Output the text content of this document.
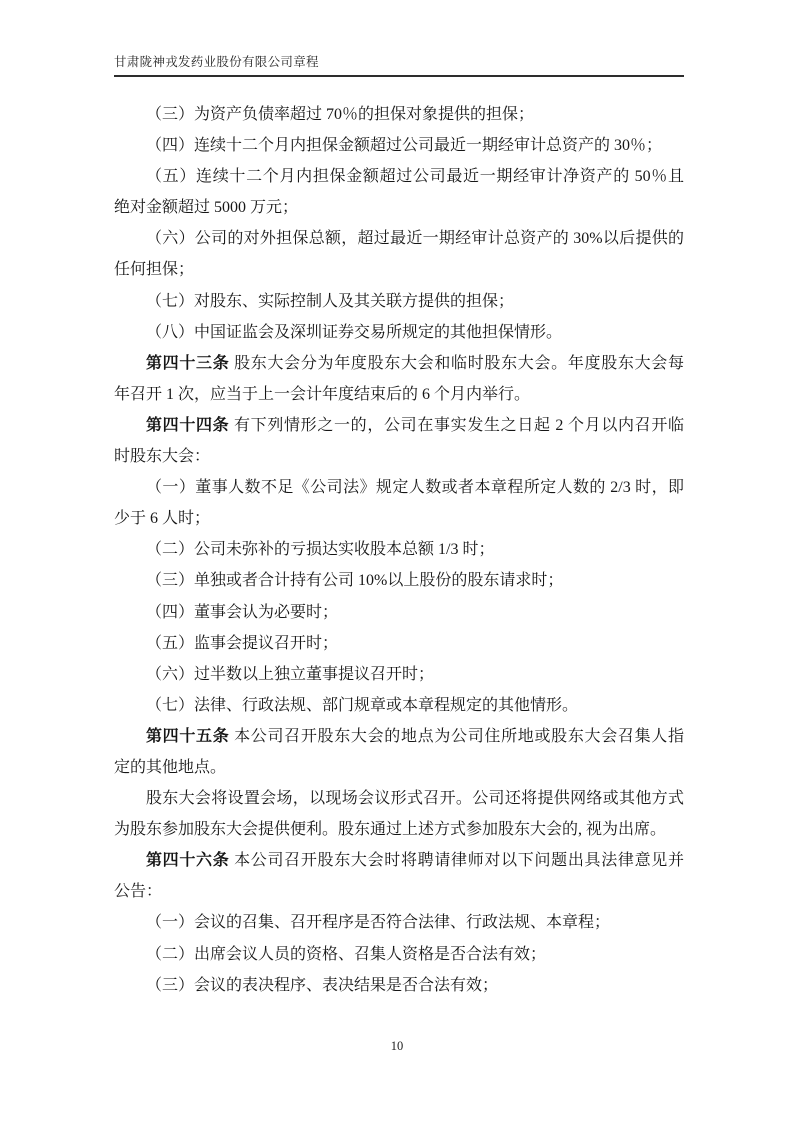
甘肃陇神戎发药业股份有限公司章程
（三）为资产负债率超过 70％的担保对象提供的担保；
（四）连续十二个月内担保金额超过公司最近一期经审计总资产的 30％；
（五）连续十二个月内担保金额超过公司最近一期经审计净资产的 50％且
绝对金额超过 5000 万元；
（六）公司的对外担保总额，超过最近一期经审计总资产的 30%以后提供的
任何担保；
（七）对股东、实际控制人及其关联方提供的担保；
（八）中国证监会及深圳证券交易所规定的其他担保情形。
第四十三条 股东大会分为年度股东大会和临时股东大会。年度股东大会每
年召开 1 次，应当于上一会计年度结束后的 6 个月内举行。
第四十四条 有下列情形之一的，公司在事实发生之日起 2 个月以内召开临
时股东大会：
（一）董事人数不足《公司法》规定人数或者本章程所定人数的 2/3 时，即
少于 6 人时；
（二）公司未弥补的亏损达实收股本总额 1/3 时；
（三）单独或者合计持有公司 10%以上股份的股东请求时；
（四）董事会认为必要时；
（五）监事会提议召开时；
（六）过半数以上独立董事提议召开时；
（七）法律、行政法规、部门规章或本章程规定的其他情形。
第四十五条 本公司召开股东大会的地点为公司住所地或股东大会召集人指
定的其他地点。
股东大会将设置会场，以现场会议形式召开。公司还将提供网络或其他方式
为股东参加股东大会提供便利。股东通过上述方式参加股东大会的, 视为出席。
第四十六条 本公司召开股东大会时将聘请律师对以下问题出具法律意见并
公告：
（一）会议的召集、召开程序是否符合法律、行政法规、本章程；
（二）出席会议人员的资格、召集人资格是否合法有效；
（三）会议的表决程序、表决结果是否合法有效；
10
